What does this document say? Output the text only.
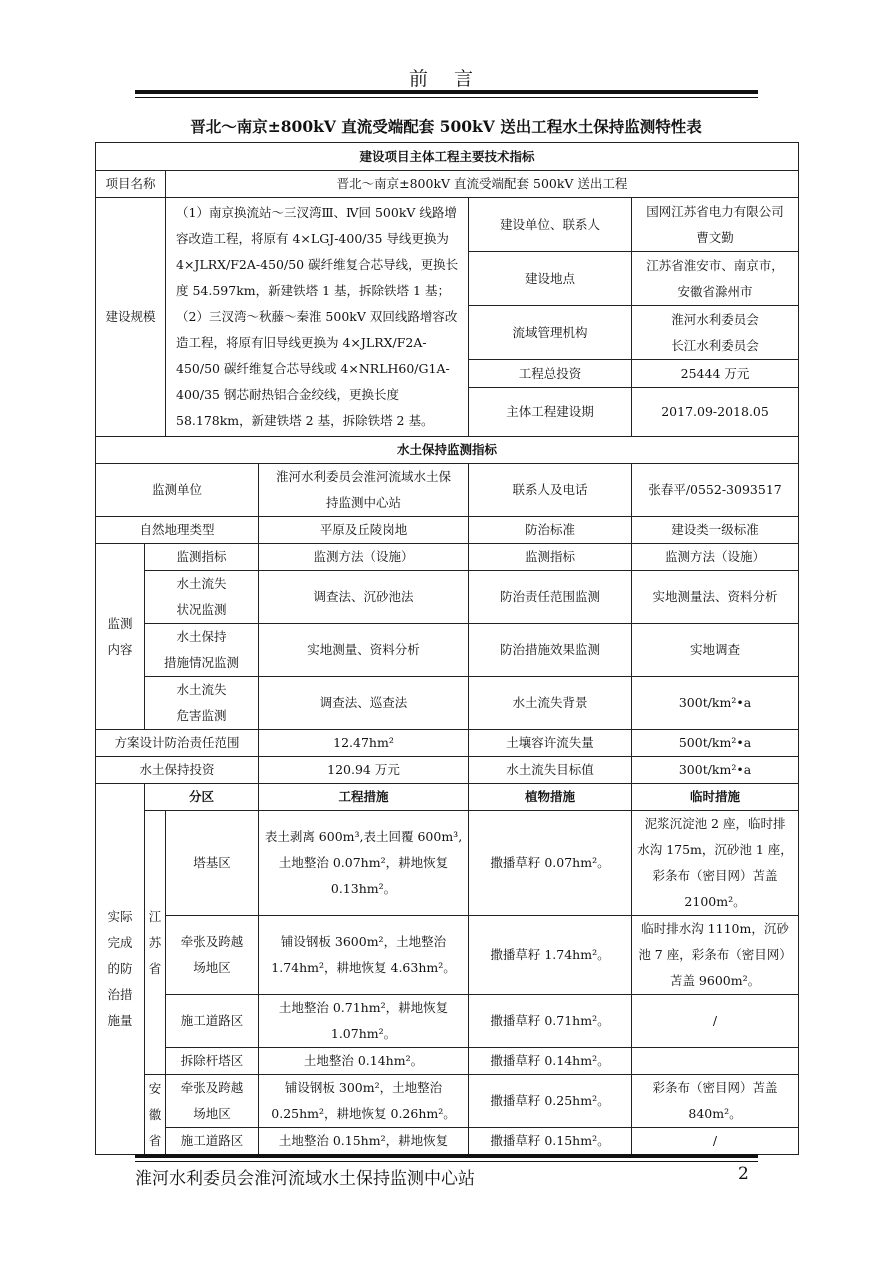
前 言
晋北～南京±800kV 直流受端配套 500kV 送出工程水土保持监测特性表
建设项目主体工程主要技术指标					
项目名称		晋北～南京±800kV 直流受端配套 500kV 送出工程			
建设规模		（1）南京换流站～三汊湾Ⅲ、Ⅳ回 500kV 线路增容改造工程，将原有 4×LGJ-400/35 导线更换为 4×JLRX/F2A-450/50 碳纤维复合芯导线，更换长度 54.597km，新建铁塔 1 基，拆除铁塔 1 基；（2）三汊湾～秋藤～秦淮 500kV 双回线路增容改造工程，将原有旧导线更换为 4×JLRX/F2A-450/50 碳纤维复合芯导线或 4×NRLH60/G1A-400/35 钢芯耐热铝合金绞线，更换长度 58.178km，新建铁塔 2 基，拆除铁塔 2 基。		建设单位、联系人	国网江苏省电力有限公司
曹文勤
				建设地点	江苏省淮安市、南京市，
安徽省滁州市
				流域管理机构	淮河水利委员会
长江水利委员会
				工程总投资	25444 万元
				主体工程建设期	2017.09-2018.05
水土保持监测指标					
监测单位			淮河水利委员会淮河流域水土保
持监测中心站	联系人及电话	张春平/0552-3093517
自然地理类型			平原及丘陵岗地	防治标准	建设类一级标准
监测
内容	监测指标		监测方法（设施）	监测指标	监测方法（设施）
	水土流失
状况监测		调查法、沉砂池法	防治责任范围监测	实地测量法、资料分析
	水土保持
措施情况监测		实地测量、资料分析	防治措施效果监测	实地调查
	水土流失
危害监测		调查法、巡查法	水土流失背景	300t/km²•a
方案设计防治责任范围			12.47hm²	土壤容许流失量	500t/km²•a
水土保持投资			120.94 万元	水土流失目标值	300t/km²•a
实际
完成
的防
治措
施量	分区		工程措施	植物措施	临时措施
	江
苏
省	塔基区	表土剥离 600m³,表土回覆 600m³,
土地整治 0.07hm²，耕地恢复
0.13hm²。	撒播草籽 0.07hm²。	泥浆沉淀池 2 座，临时排
水沟 175m，沉砂池 1 座，
彩条布（密目网）苫盖
2100m²。
		牵张及跨越
场地区	铺设钢板 3600m²，土地整治
1.74hm²，耕地恢复 4.63hm²。	撒播草籽 1.74hm²。	临时排水沟 1110m，沉砂
池 7 座，彩条布（密目网）
苫盖 9600m²。
		施工道路区	土地整治 0.71hm²，耕地恢复
1.07hm²。	撒播草籽 0.71hm²。	/
		拆除杆塔区	土地整治 0.14hm²。	撒播草籽 0.14hm²。	
	安
徽
省	牵张及跨越
场地区	铺设钢板 300m²，土地整治
0.25hm²，耕地恢复 0.26hm²。	撒播草籽 0.25hm²。	彩条布（密目网）苫盖
840m²。
		施工道路区	土地整治 0.15hm²，耕地恢复	撒播草籽 0.15hm²。	/
淮河水利委员会淮河流域水土保持监测中心站	2
